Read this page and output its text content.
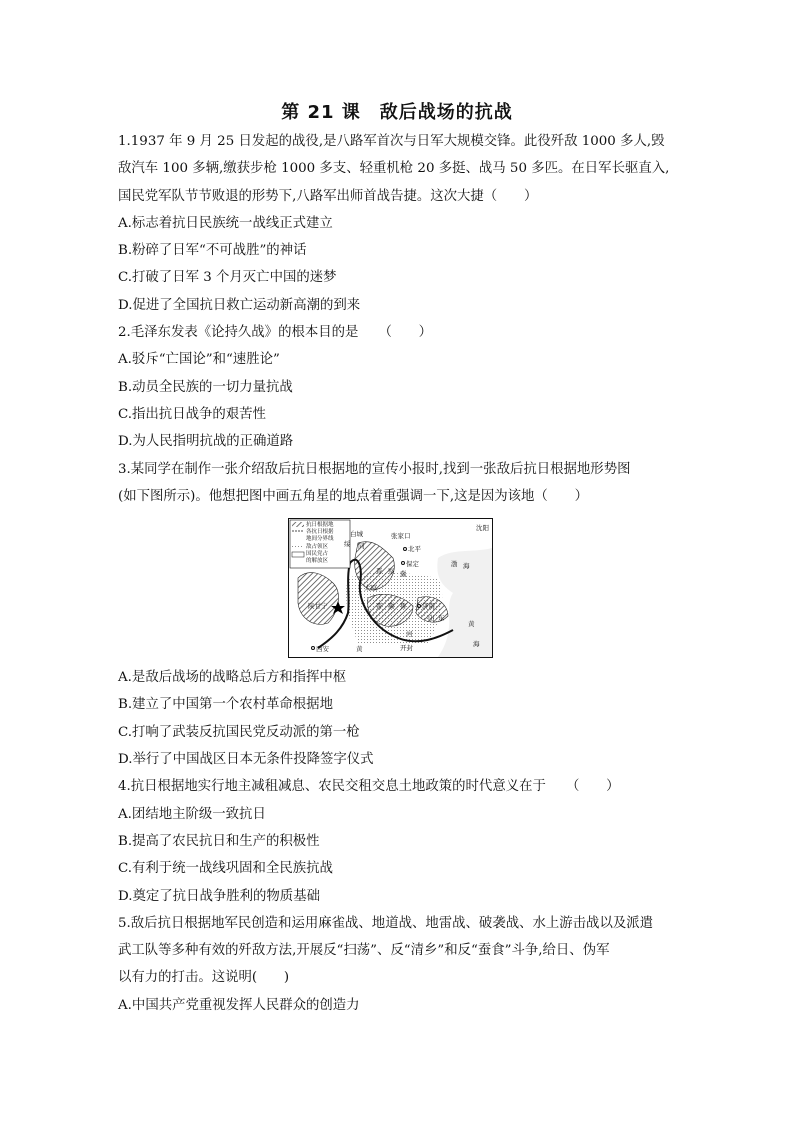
第 21 课　敌后战场的抗战
1.1937 年 9 月 25 日发起的战役,是八路军首次与日军大规模交锋。此役歼敌 1000 多人,毁
敌汽车 100 多辆,缴获步枪 1000 多支、轻重机枪 20 多挺、战马 50 多匹。在日军长驱直入,
国民党军队节节败退的形势下,八路军出师首战告捷。这次大捷（　　）
A.标志着抗日民族统一战线正式建立
B.粉碎了日军“不可战胜”的神话
C.打破了日军 3 个月灭亡中国的迷梦
D.促进了全国抗日救亡运动新高潮的到来
2.毛泽东发表《论持久战》的根本目的是　　（　　）
A.驳斥“亡国论”和“速胜论”
B.动员全民族的一切力量抗战
C.指出抗日战争的艰苦性
D.为人民指明抗战的正确道路
3.某同学在制作一张介绍敌后抗日根据地的宣传小报时,找到一张敌后抗日根据地形势图
(如下图所示)。他想把图中画五角星的地点着重强调一下,这是因为该地（　　）
抗日根据地
各抗日根据
地间分界线
敌占领区
国民党占
的解放区
张家口
北平
沈阳
渤 海
黄
海
太原
晋 察 冀
保定
陕甘宁	晋 冀 鲁 济南
山 东
西安	黄	开封
河
白城
绥 同
A.是敌后战场的战略总后方和指挥中枢
B.建立了中国第一个农村革命根据地
C.打响了武装反抗国民党反动派的第一枪
D.举行了中国战区日本无条件投降签字仪式
4.抗日根据地实行地主减租减息、农民交租交息土地政策的时代意义在于　　（　　）
A.团结地主阶级一致抗日
B.提高了农民抗日和生产的积极性
C.有利于统一战线巩固和全民族抗战
D.奠定了抗日战争胜利的物质基础
5.敌后抗日根据地军民创造和运用麻雀战、地道战、地雷战、破袭战、水上游击战以及派遣
武工队等多种有效的歼敌方法,开展反“扫荡”、反“清乡”和反“蚕食”斗争,给日、伪军
以有力的打击。这说明(　　)
A.中国共产党重视发挥人民群众的创造力
